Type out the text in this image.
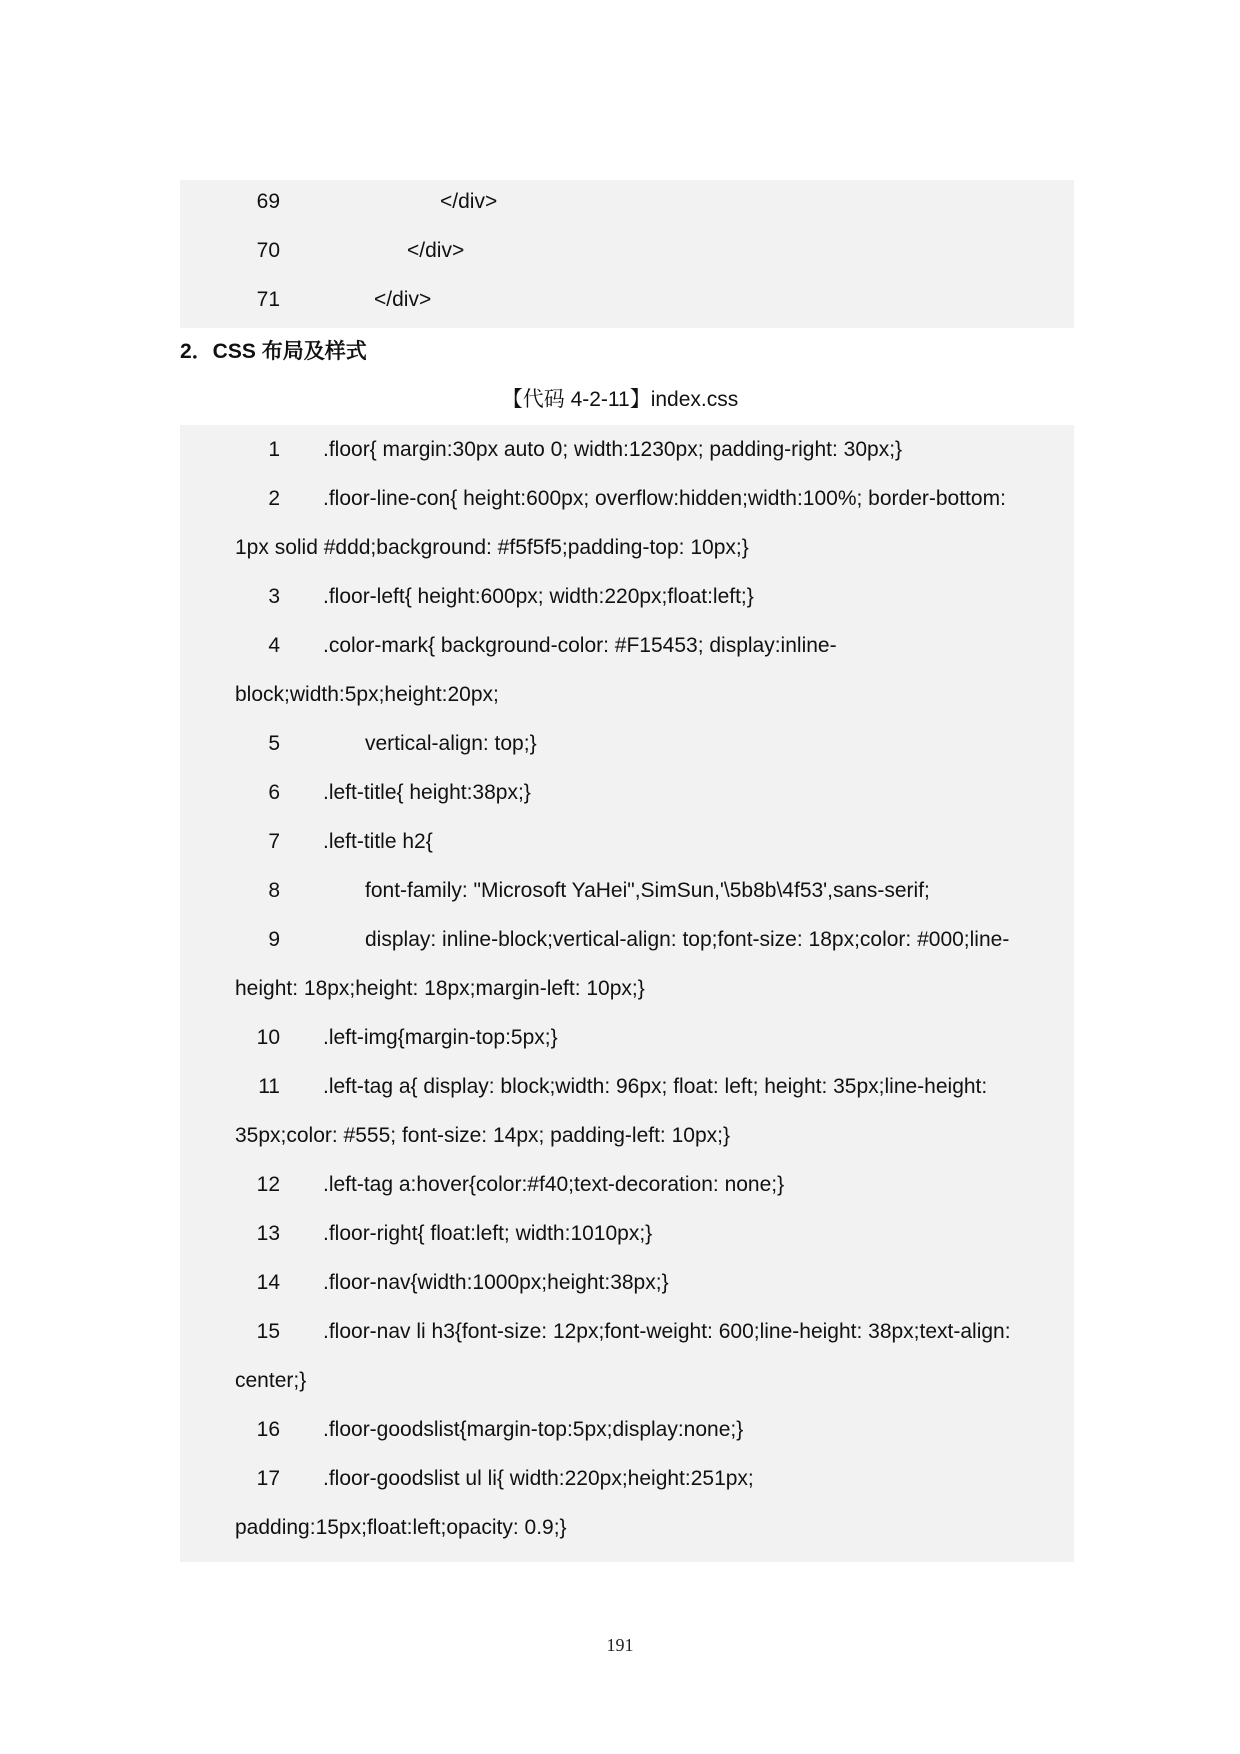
69	</div>
70	</div>
71	</div>
2．CSS 布局及样式
【代码 4-2-11】index.css
1 .floor{ margin:30px auto 0; width:1230px; padding-right: 30px;}
2 .floor-line-con{ height:600px; overflow:hidden;width:100%; border-bottom:
1px solid #ddd;background: #f5f5f5;padding-top: 10px;}
3 .floor-left{ height:600px; width:220px;float:left;}
4 .color-mark{ background-color: #F15453; display:inline-
block;width:5px;height:20px;
5	vertical-align: top;}
6 .left-title{ height:38px;}
7 .left-title h2{
8	font-family: "Microsoft YaHei",SimSun,'\5b8b\4f53',sans-serif;
9	display: inline-block;vertical-align: top;font-size: 18px;color: #000;line-
height: 18px;height: 18px;margin-left: 10px;}
10 .left-img{margin-top:5px;}
11 .left-tag a{ display: block;width: 96px; float: left; height: 35px;line-height:
35px;color: #555; font-size: 14px; padding-left: 10px;}
12 .left-tag a:hover{color:#f40;text-decoration: none;}
13 .floor-right{ float:left; width:1010px;}
14 .floor-nav{width:1000px;height:38px;}
15 .floor-nav li h3{font-size: 12px;font-weight: 600;line-height: 38px;text-align:
center;}
16 .floor-goodslist{margin-top:5px;display:none;}
17 .floor-goodslist ul li{ width:220px;height:251px;
padding:15px;float:left;opacity: 0.9;}
191
